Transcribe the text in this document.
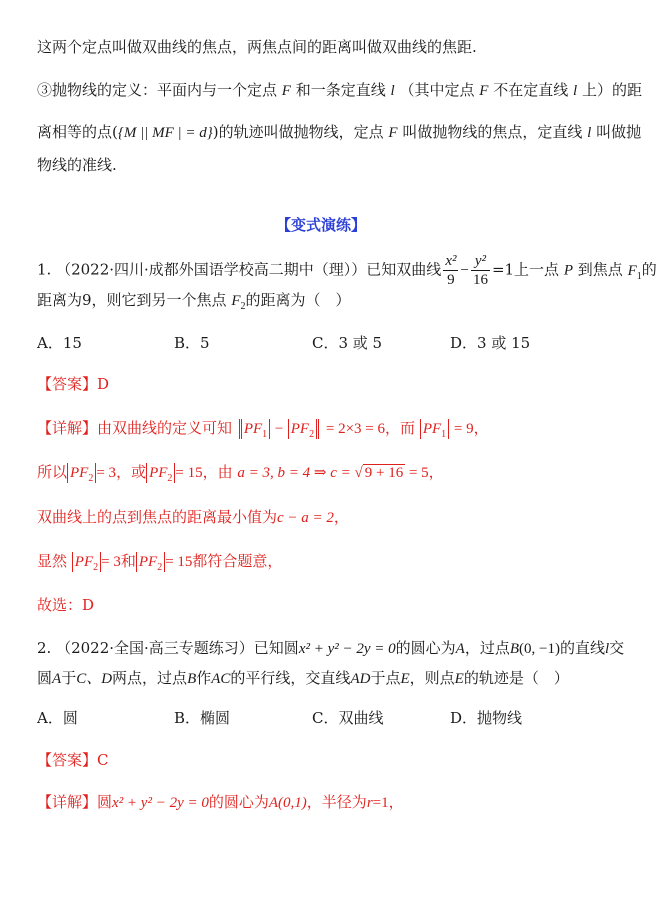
这两个定点叫做双曲线的焦点，两焦点间的距离叫做双曲线的焦距.
③抛物线的定义：平面内与一个定点 F 和一条定直线 l （其中定点 F 不在定直线 l 上）的距
离相等的点({M || MF | = d})的轨迹叫做抛物线，定点 F 叫做抛物线的焦点，定直线 l 叫做抛
物线的准线.
【变式演练】
1. （2022·四川·成都外国语学校高二期中（理））已知双曲线 $\frac{\text{x²}}{9} - \frac{\text{y²}}{16} =1$上一点 P 到焦点 $F_1$的
距离为9，则它到另一个焦点 $F_2$的距离为（　）
A．15	B．5	C．3 或 5	D．3 或 15
【答案】D
【详解】由双曲线的定义可知 $PF_1 - PF_2 = 2\times 3 = 6$，而 $PF_1 = 9$，
所以 $PF_2 = 3$，或 $PF_2 = 15$，由 a = 3, b = 4 ⇒ c = √ 9 + 16 = 5，
双曲线上的点到焦点的距离最小值为c − a = 2，
显然 $PF_2 = 3$和 $PF_2 = 15$都符合题意，
故选：D
2. （2022·全国·高三专题练习）已知圆x² + y² − 2y = 0的圆心为A，过点B(0, −1)的直线l交
圆A于C、D两点，过点B作AC的平行线，交直线AD于点E，则点E的轨迹是（　）
A．圆	B．椭圆	C．双曲线	D．抛物线
【答案】C
【详解】圆x² + y² − 2y = 0的圆心为A(0,1)，半径为r=1，
